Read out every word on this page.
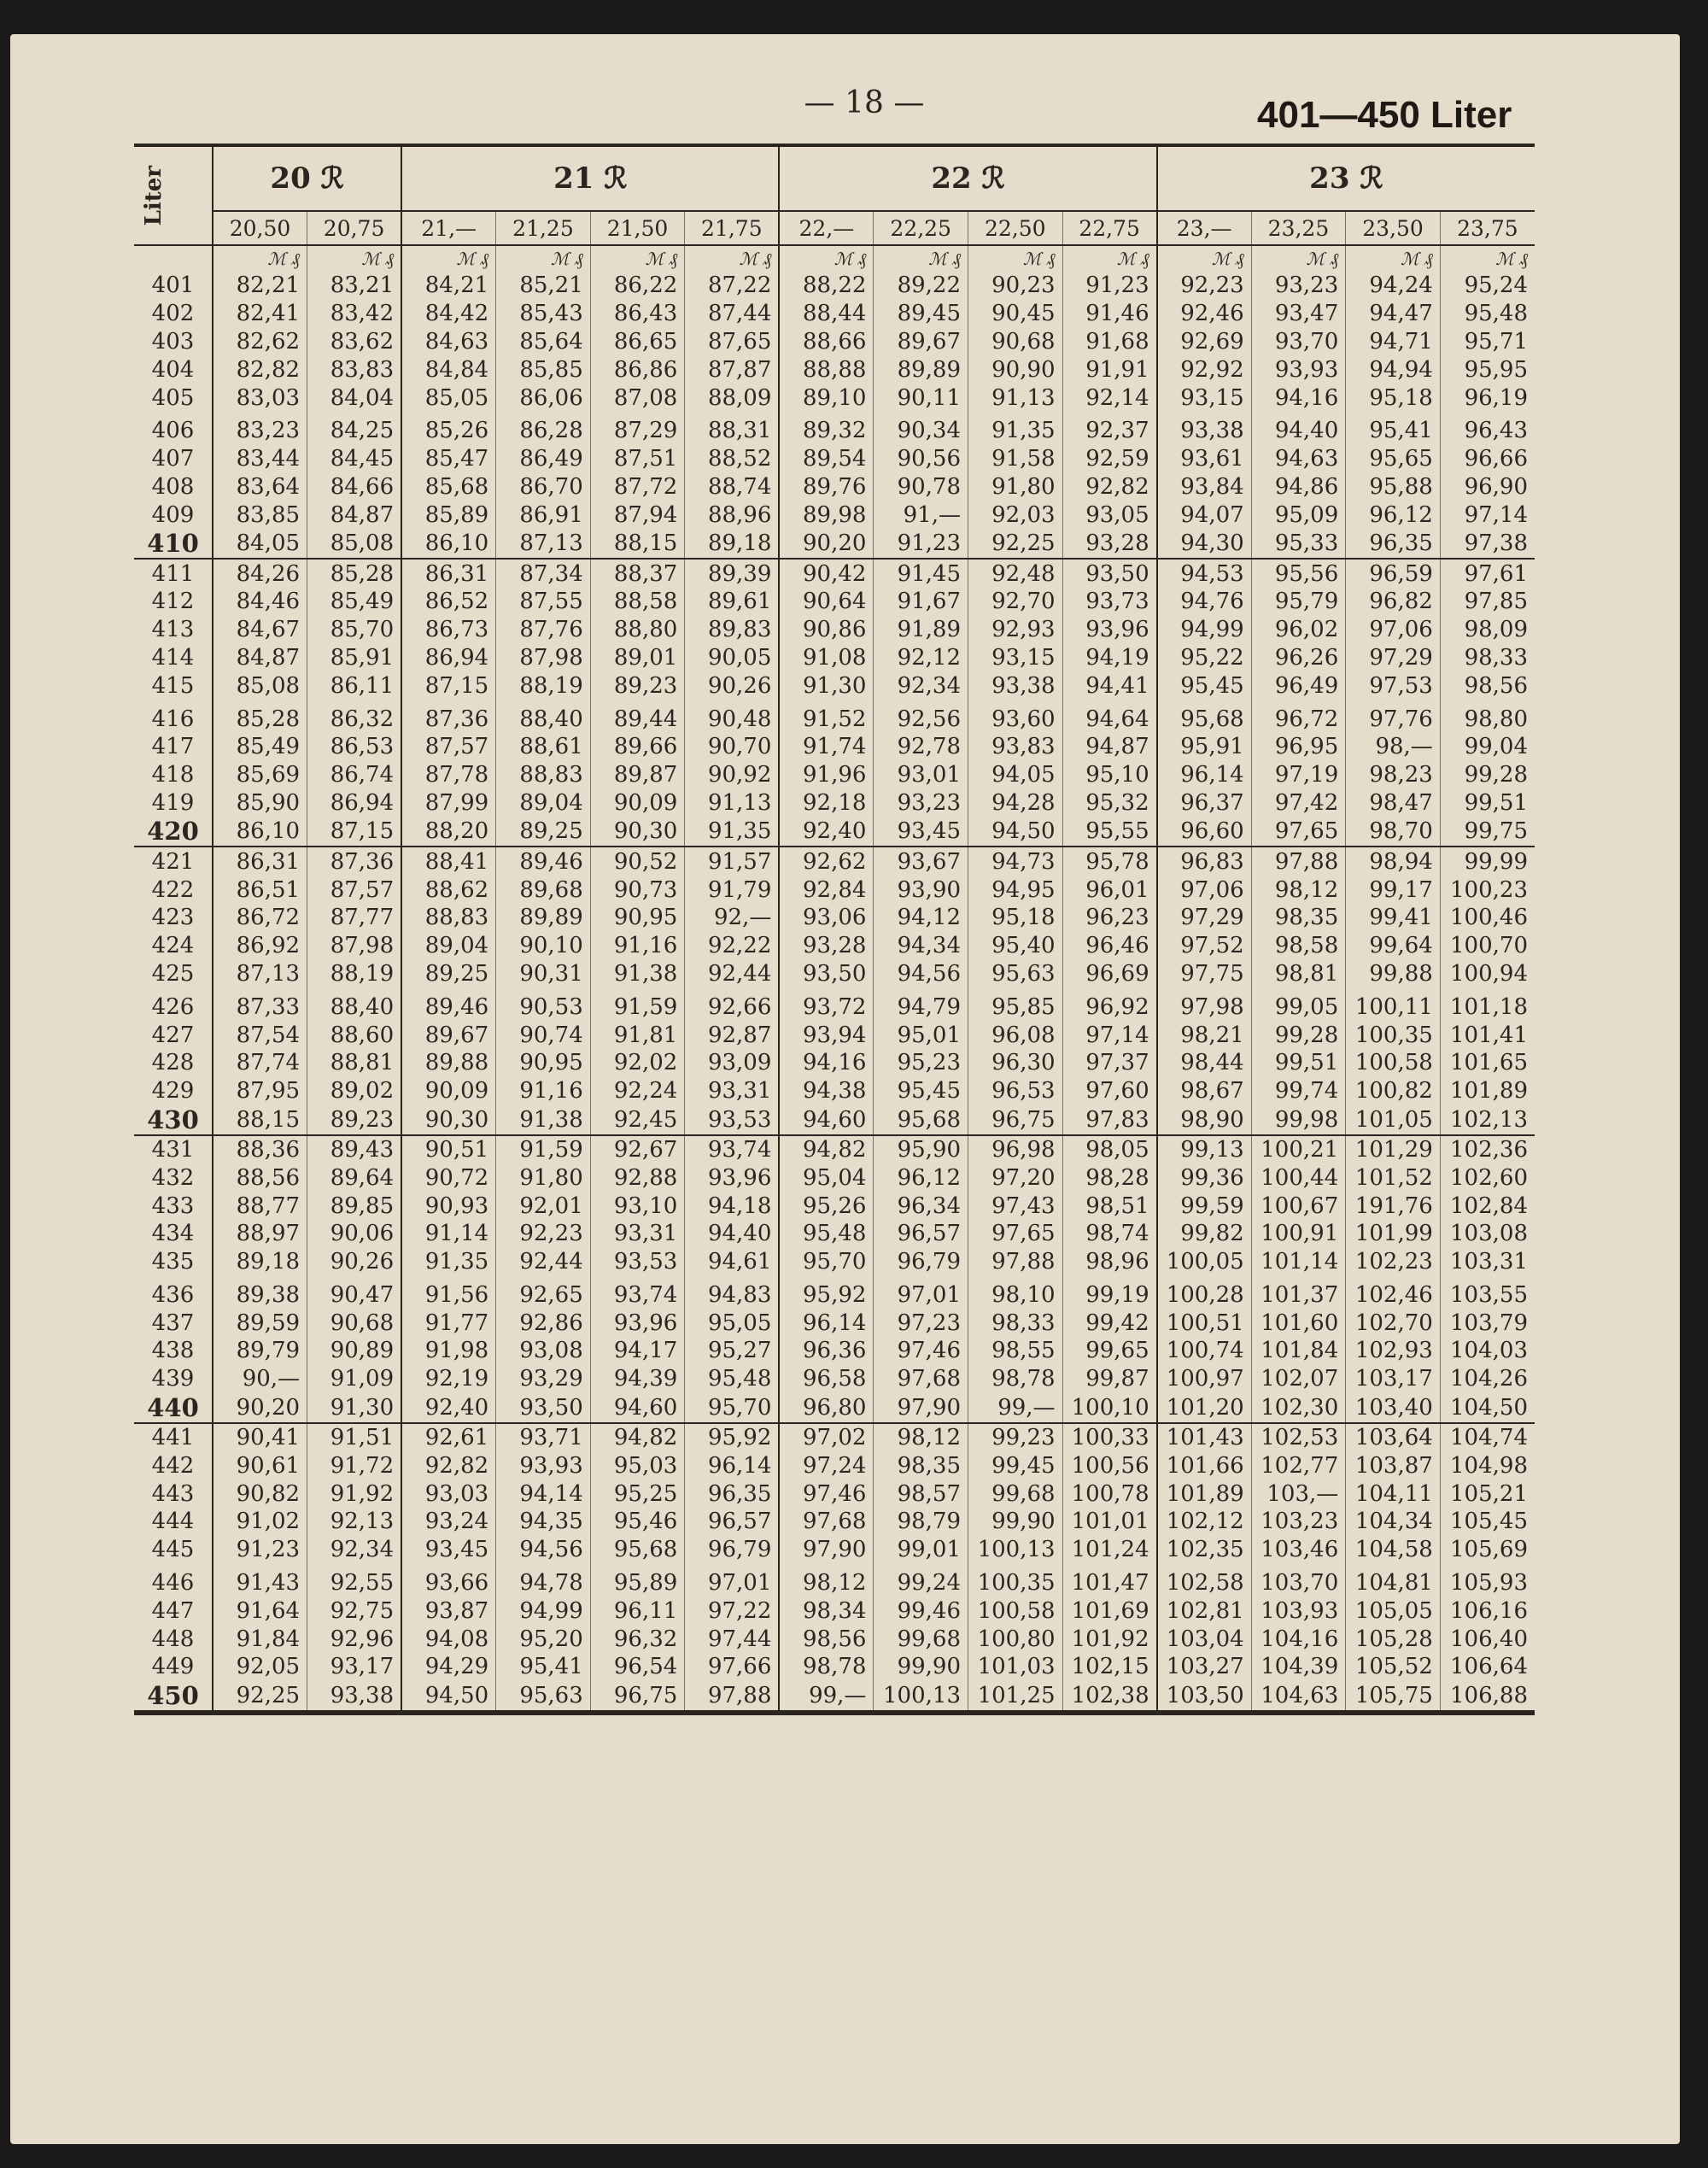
— 18 —	401—450 Liter
Liter	20 ℛ		21 ℛ				22 ℛ				23 ℛ			
	20,50	20,75	21,—	21,25	21,50	21,75	22,—	22,25	22,50	22,75	23,—	23,25	23,50	23,75
	ℳ ₰	ℳ ₰	ℳ ₰	ℳ ₰	ℳ ₰	ℳ ₰	ℳ ₰	ℳ ₰	ℳ ₰	ℳ ₰	ℳ ₰	ℳ ₰	ℳ ₰	ℳ ₰
401	82,21	83,21	84,21	85,21	86,22	87,22	88,22	89,22	90,23	91,23	92,23	93,23	94,24	95,24
402	82,41	83,42	84,42	85,43	86,43	87,44	88,44	89,45	90,45	91,46	92,46	93,47	94,47	95,48
403	82,62	83,62	84,63	85,64	86,65	87,65	88,66	89,67	90,68	91,68	92,69	93,70	94,71	95,71
404	82,82	83,83	84,84	85,85	86,86	87,87	88,88	89,89	90,90	91,91	92,92	93,93	94,94	95,95
405	83,03	84,04	85,05	86,06	87,08	88,09	89,10	90,11	91,13	92,14	93,15	94,16	95,18	96,19
406	83,23	84,25	85,26	86,28	87,29	88,31	89,32	90,34	91,35	92,37	93,38	94,40	95,41	96,43
407	83,44	84,45	85,47	86,49	87,51	88,52	89,54	90,56	91,58	92,59	93,61	94,63	95,65	96,66
408	83,64	84,66	85,68	86,70	87,72	88,74	89,76	90,78	91,80	92,82	93,84	94,86	95,88	96,90
409	83,85	84,87	85,89	86,91	87,94	88,96	89,98	91,—	92,03	93,05	94,07	95,09	96,12	97,14
410	84,05	85,08	86,10	87,13	88,15	89,18	90,20	91,23	92,25	93,28	94,30	95,33	96,35	97,38
411	84,26	85,28	86,31	87,34	88,37	89,39	90,42	91,45	92,48	93,50	94,53	95,56	96,59	97,61
412	84,46	85,49	86,52	87,55	88,58	89,61	90,64	91,67	92,70	93,73	94,76	95,79	96,82	97,85
413	84,67	85,70	86,73	87,76	88,80	89,83	90,86	91,89	92,93	93,96	94,99	96,02	97,06	98,09
414	84,87	85,91	86,94	87,98	89,01	90,05	91,08	92,12	93,15	94,19	95,22	96,26	97,29	98,33
415	85,08	86,11	87,15	88,19	89,23	90,26	91,30	92,34	93,38	94,41	95,45	96,49	97,53	98,56
416	85,28	86,32	87,36	88,40	89,44	90,48	91,52	92,56	93,60	94,64	95,68	96,72	97,76	98,80
417	85,49	86,53	87,57	88,61	89,66	90,70	91,74	92,78	93,83	94,87	95,91	96,95	98,—	99,04
418	85,69	86,74	87,78	88,83	89,87	90,92	91,96	93,01	94,05	95,10	96,14	97,19	98,23	99,28
419	85,90	86,94	87,99	89,04	90,09	91,13	92,18	93,23	94,28	95,32	96,37	97,42	98,47	99,51
420	86,10	87,15	88,20	89,25	90,30	91,35	92,40	93,45	94,50	95,55	96,60	97,65	98,70	99,75
421	86,31	87,36	88,41	89,46	90,52	91,57	92,62	93,67	94,73	95,78	96,83	97,88	98,94	99,99
422	86,51	87,57	88,62	89,68	90,73	91,79	92,84	93,90	94,95	96,01	97,06	98,12	99,17	100,23
423	86,72	87,77	88,83	89,89	90,95	92,—	93,06	94,12	95,18	96,23	97,29	98,35	99,41	100,46
424	86,92	87,98	89,04	90,10	91,16	92,22	93,28	94,34	95,40	96,46	97,52	98,58	99,64	100,70
425	87,13	88,19	89,25	90,31	91,38	92,44	93,50	94,56	95,63	96,69	97,75	98,81	99,88	100,94
426	87,33	88,40	89,46	90,53	91,59	92,66	93,72	94,79	95,85	96,92	97,98	99,05	100,11	101,18
427	87,54	88,60	89,67	90,74	91,81	92,87	93,94	95,01	96,08	97,14	98,21	99,28	100,35	101,41
428	87,74	88,81	89,88	90,95	92,02	93,09	94,16	95,23	96,30	97,37	98,44	99,51	100,58	101,65
429	87,95	89,02	90,09	91,16	92,24	93,31	94,38	95,45	96,53	97,60	98,67	99,74	100,82	101,89
430	88,15	89,23	90,30	91,38	92,45	93,53	94,60	95,68	96,75	97,83	98,90	99,98	101,05	102,13
431	88,36	89,43	90,51	91,59	92,67	93,74	94,82	95,90	96,98	98,05	99,13	100,21	101,29	102,36
432	88,56	89,64	90,72	91,80	92,88	93,96	95,04	96,12	97,20	98,28	99,36	100,44	101,52	102,60
433	88,77	89,85	90,93	92,01	93,10	94,18	95,26	96,34	97,43	98,51	99,59	100,67	191,76	102,84
434	88,97	90,06	91,14	92,23	93,31	94,40	95,48	96,57	97,65	98,74	99,82	100,91	101,99	103,08
435	89,18	90,26	91,35	92,44	93,53	94,61	95,70	96,79	97,88	98,96	100,05	101,14	102,23	103,31
436	89,38	90,47	91,56	92,65	93,74	94,83	95,92	97,01	98,10	99,19	100,28	101,37	102,46	103,55
437	89,59	90,68	91,77	92,86	93,96	95,05	96,14	97,23	98,33	99,42	100,51	101,60	102,70	103,79
438	89,79	90,89	91,98	93,08	94,17	95,27	96,36	97,46	98,55	99,65	100,74	101,84	102,93	104,03
439	90,—	91,09	92,19	93,29	94,39	95,48	96,58	97,68	98,78	99,87	100,97	102,07	103,17	104,26
440	90,20	91,30	92,40	93,50	94,60	95,70	96,80	97,90	99,—	100,10	101,20	102,30	103,40	104,50
441	90,41	91,51	92,61	93,71	94,82	95,92	97,02	98,12	99,23	100,33	101,43	102,53	103,64	104,74
442	90,61	91,72	92,82	93,93	95,03	96,14	97,24	98,35	99,45	100,56	101,66	102,77	103,87	104,98
443	90,82	91,92	93,03	94,14	95,25	96,35	97,46	98,57	99,68	100,78	101,89	103,—	104,11	105,21
444	91,02	92,13	93,24	94,35	95,46	96,57	97,68	98,79	99,90	101,01	102,12	103,23	104,34	105,45
445	91,23	92,34	93,45	94,56	95,68	96,79	97,90	99,01	100,13	101,24	102,35	103,46	104,58	105,69
446	91,43	92,55	93,66	94,78	95,89	97,01	98,12	99,24	100,35	101,47	102,58	103,70	104,81	105,93
447	91,64	92,75	93,87	94,99	96,11	97,22	98,34	99,46	100,58	101,69	102,81	103,93	105,05	106,16
448	91,84	92,96	94,08	95,20	96,32	97,44	98,56	99,68	100,80	101,92	103,04	104,16	105,28	106,40
449	92,05	93,17	94,29	95,41	96,54	97,66	98,78	99,90	101,03	102,15	103,27	104,39	105,52	106,64
450	92,25	93,38	94,50	95,63	96,75	97,88	99,—	100,13	101,25	102,38	103,50	104,63	105,75	106,88
